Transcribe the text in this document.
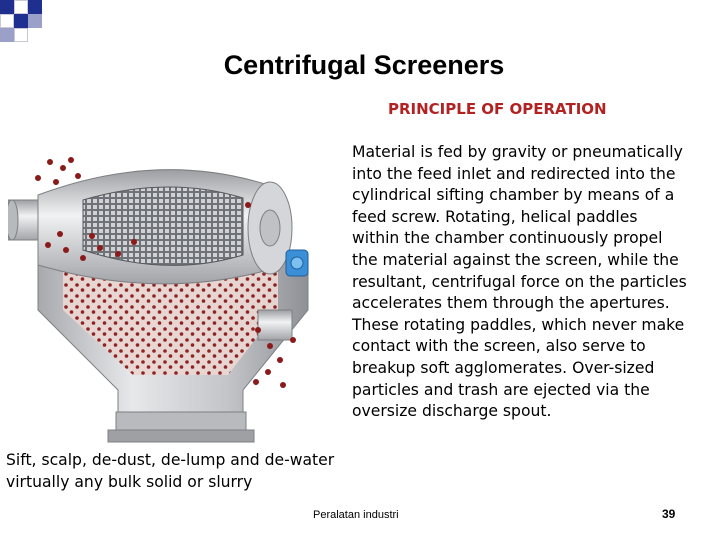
Centrifugal Screeners
PRINCIPLE OF OPERATION

Material is fed by gravity or pneumatically into the feed inlet and redirected into the cylindrical sifting chamber by means of a feed screw. Rotating, helical paddles within the chamber continuously propel the material against the screen, while the resultant, centrifugal force on the particles accelerates them through the apertures. These rotating paddles, which never make contact with the screen, also serve to breakup soft agglomerates. Over-sized particles and trash are ejected via the oversize discharge spout.

Sift, scalp, de-dust, de-lump and de-water virtually any bulk solid or slurry

Peralatan industri	39
